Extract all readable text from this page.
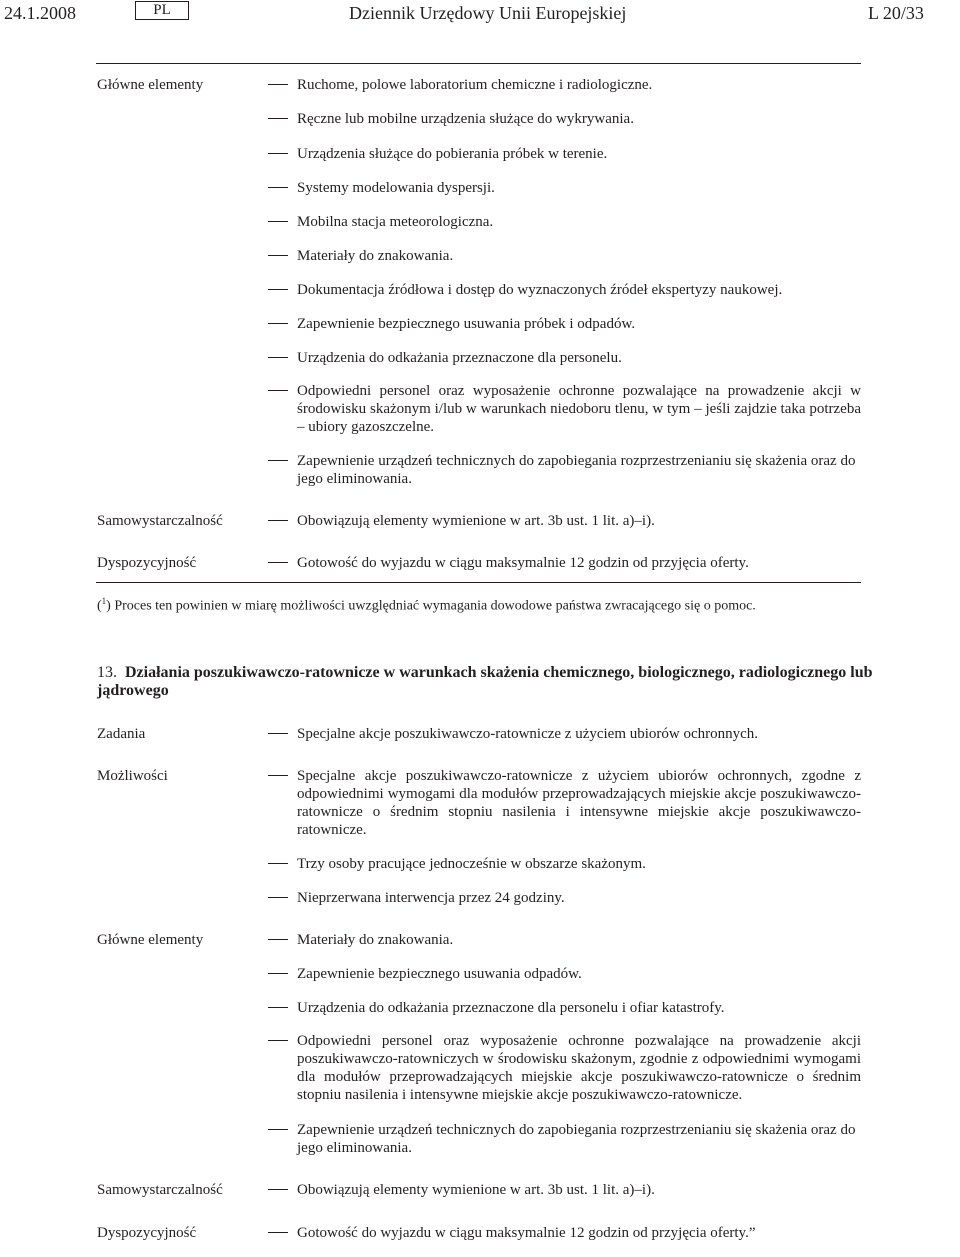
24.1.2008	PL	Dziennik Urzędowy Unii Europejskiej	L 20/33
Główne elementy	Ruchome, polowe laboratorium chemiczne i radiologiczne.
Ręczne lub mobilne urządzenia służące do wykrywania.
Urządzenia służące do pobierania próbek w terenie.
Systemy modelowania dyspersji.
Mobilna stacja meteorologiczna.
Materiały do znakowania.
Dokumentacja źródłowa i dostęp do wyznaczonych źródeł ekspertyzy naukowej.
Zapewnienie bezpiecznego usuwania próbek i odpadów.
Urządzenia do odkażania przeznaczone dla personelu.
Odpowiedni personel oraz wyposażenie ochronne pozwalające na prowadzenie akcji w środowisku skażonym i/lub w warunkach niedoboru tlenu, w tym – jeśli zajdzie taka potrzeba – ubiory gazoszczelne.
Zapewnienie urządzeń technicznych do zapobiegania rozprzestrzenianiu się skażenia oraz do jego eliminowania.
Samowystarczalność	Obowiązują elementy wymienione w art. 3b ust. 1 lit. a)–i).
Dyspozycyjność	Gotowość do wyjazdu w ciągu maksymalnie 12 godzin od przyjęcia oferty.
($^1$) Proces ten powinien w miarę możliwości uwzględniać wymagania dowodowe państwa zwracającego się o pomoc.
13. Działania poszukiwawczo-ratownicze w warunkach skażenia chemicznego, biologicznego, radiologicznego lub jądrowego
Zadania	Specjalne akcje poszukiwawczo-ratownicze z użyciem ubiorów ochronnych.
Możliwości	Specjalne akcje poszukiwawczo-ratownicze z użyciem ubiorów ochronnych, zgodne z odpowiednimi wymogami dla modułów przeprowadzających miejskie akcje poszukiwawczo-ratownicze o średnim stopniu nasilenia i intensywne miejskie akcje poszukiwawczo-ratownicze.
Trzy osoby pracujące jednocześnie w obszarze skażonym.
Nieprzerwana interwencja przez 24 godziny.
Główne elementy	Materiały do znakowania.
Zapewnienie bezpiecznego usuwania odpadów.
Urządzenia do odkażania przeznaczone dla personelu i ofiar katastrofy.
Odpowiedni personel oraz wyposażenie ochronne pozwalające na prowadzenie akcji poszukiwawczo-ratowniczych w środowisku skażonym, zgodnie z odpowiednimi wymogami dla modułów przeprowadzających miejskie akcje poszukiwawczo-ratownicze o średnim stopniu nasilenia i intensywne miejskie akcje poszukiwawczo-ratownicze.
Zapewnienie urządzeń technicznych do zapobiegania rozprzestrzenianiu się skażenia oraz do jego eliminowania.
Samowystarczalność	Obowiązują elementy wymienione w art. 3b ust. 1 lit. a)–i).
Dyspozycyjność	Gotowość do wyjazdu w ciągu maksymalnie 12 godzin od przyjęcia oferty.”
